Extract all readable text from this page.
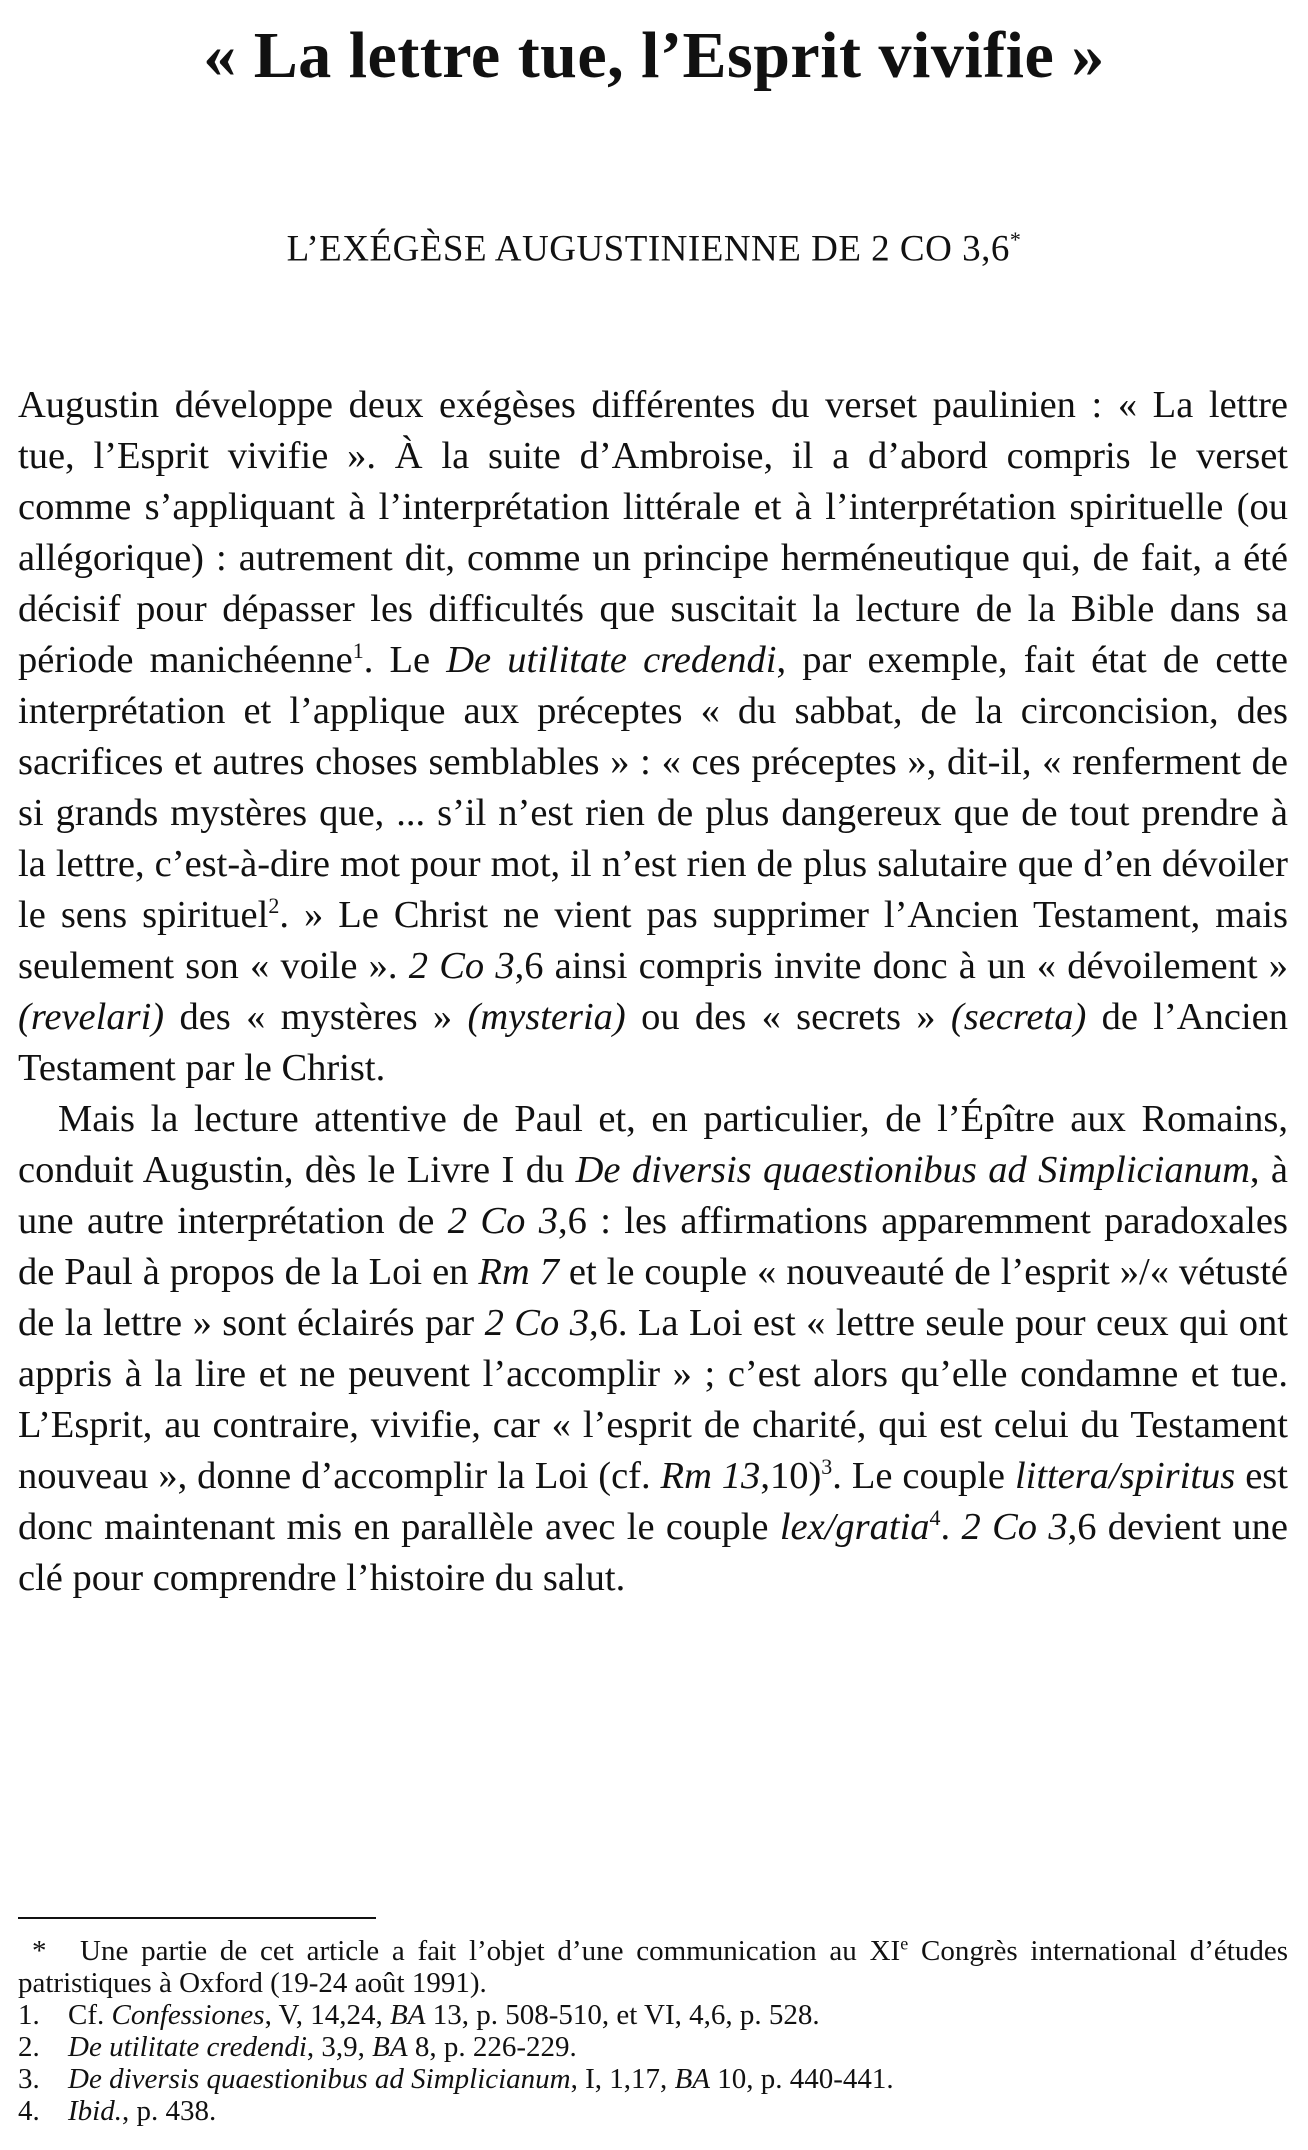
« La lettre tue, l’Esprit vivifie »
L’EXÉGÈSE AUGUSTINIENNE DE 2 CO 3,6*

Augustin développe deux exégèses différentes du verset paulinien : « La lettre tue, l’Esprit vivifie ». À la suite d’Ambroise, il a d’abord compris le verset comme s’appliquant à l’interprétation littérale et à l’interprétation spirituelle (ou allégorique) : autrement dit, comme un principe herméneutique qui, de fait, a été décisif pour dépasser les difficultés que suscitait la lecture de la Bible dans sa période manichéenne$^1$. Le De utilitate credendi, par exemple, fait état de cette interprétation et l’applique aux préceptes « du sabbat, de la circoncision, des sacrifices et autres choses semblables » : « ces préceptes », dit-il, « renferment de si grands mystères que, ... s’il n’est rien de plus dangereux que de tout prendre à la lettre, c’est-à-dire mot pour mot, il n’est rien de plus salutaire que d’en dévoiler le sens spirituel$^2$. » Le Christ ne vient pas supprimer l’Ancien Testament, mais seulement son « voile ». 2 Co 3,6 ainsi compris invite donc à un « dévoilement » (revelari) des « mystères » (mysteria) ou des « secrets » (secreta) de l’Ancien Testament par le Christ.

Mais la lecture attentive de Paul et, en particulier, de l’Épître aux Romains, conduit Augustin, dès le Livre I du De diversis quaestionibus ad Simplicianum, à une autre interprétation de 2 Co 3,6 : les affirmations apparemment paradoxales de Paul à propos de la Loi en Rm 7 et le couple « nouveauté de l’esprit »/« vétusté de la lettre » sont éclairés par 2 Co 3,6. La Loi est « lettre seule pour ceux qui ont appris à la lire et ne peuvent l’accomplir » ; c’est alors qu’elle condamne et tue. L’Esprit, au contraire, vivifie, car « l’esprit de charité, qui est celui du Testament nouveau », donne d’accomplir la Loi (cf. Rm 13,10)$^3$. Le couple littera/spiritus est donc maintenant mis en parallèle avec le couple lex/gratia$^4$. 2 Co 3,6 devient une clé pour comprendre l’histoire du salut.

* Une partie de cet article a fait l’objet d’une communication au XIe Congrès international d’études patristiques à Oxford (19-24 août 1991).

1. Cf. Confessiones, V, 14,24, BA 13, p. 508-510, et VI, 4,6, p. 528.

2. De utilitate credendi, 3,9, BA 8, p. 226-229.

3. De diversis quaestionibus ad Simplicianum, I, 1,17, BA 10, p. 440-441.

4. Ibid., p. 438.
